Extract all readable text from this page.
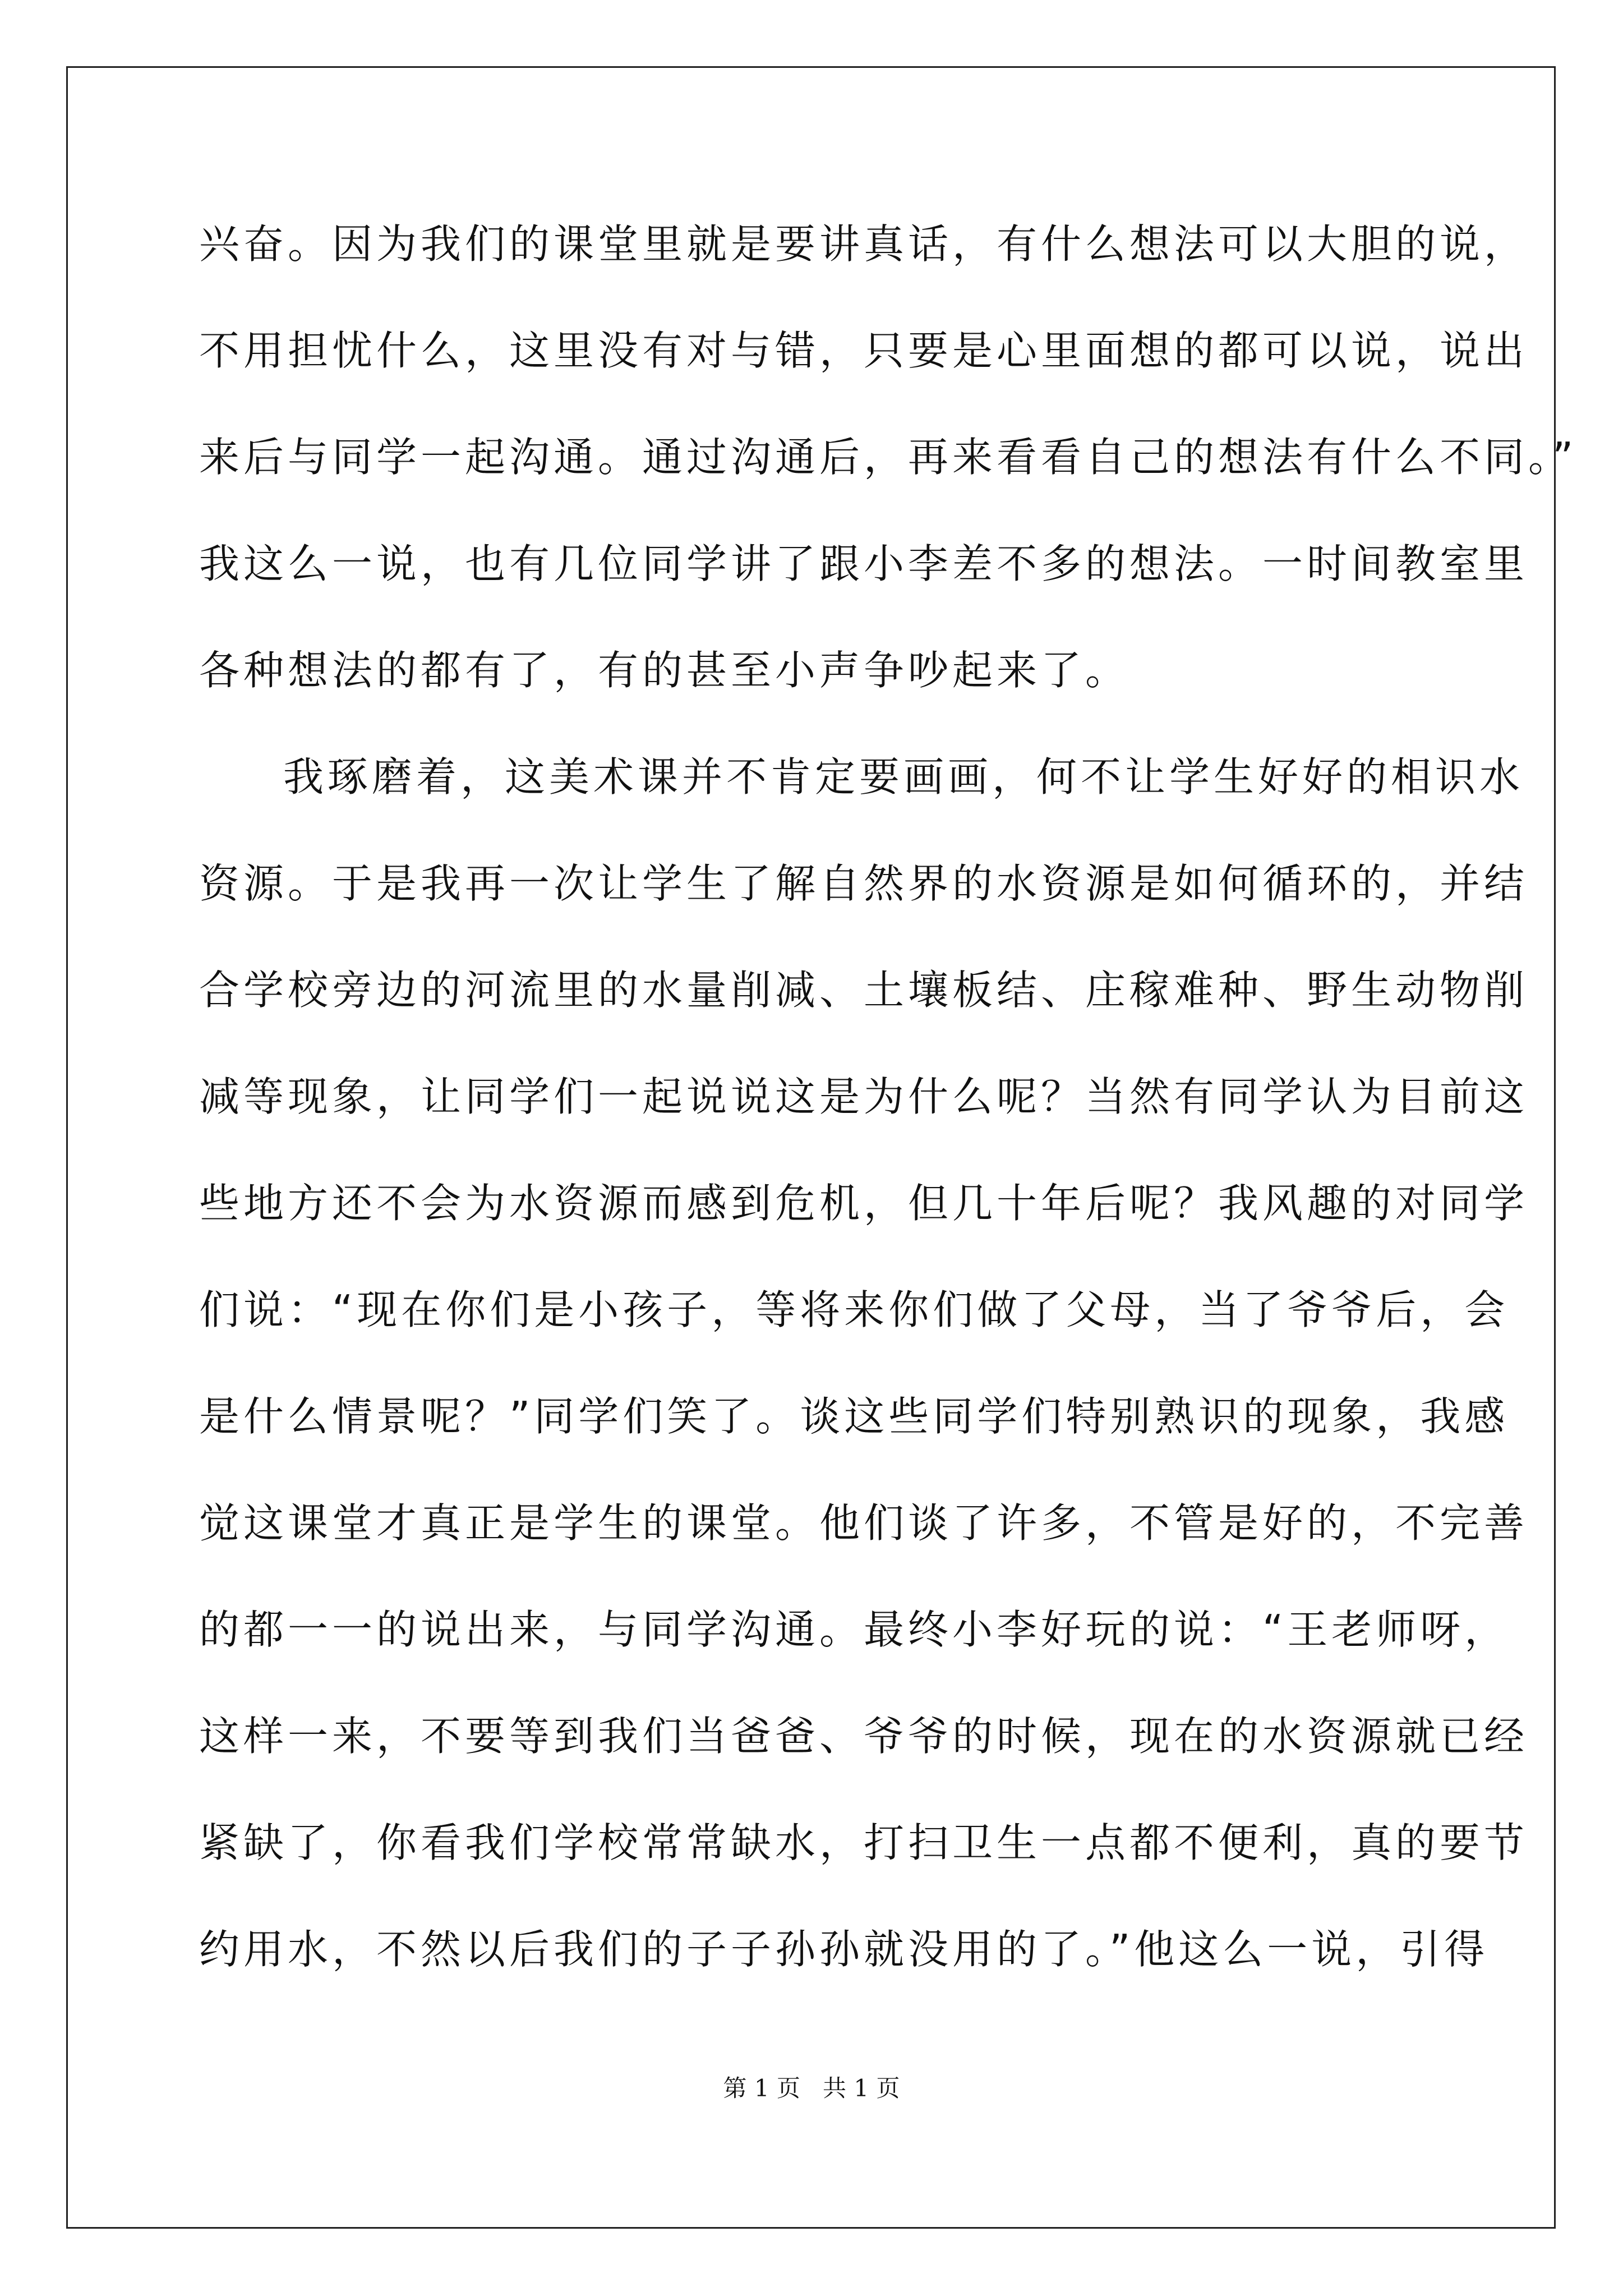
兴奋。因为我们的课堂里就是要讲真话，有什么想法可以大胆的说，
不用担忧什么，这里没有对与错，只要是心里面想的都可以说，说出
来后与同学一起沟通。通过沟通后，再来看看自己的想法有什么不同。”
我这么一说，也有几位同学讲了跟小李差不多的想法。一时间教室里
各种想法的都有了，有的甚至小声争吵起来了。
我琢磨着，这美术课并不肯定要画画，何不让学生好好的相识水
资源。于是我再一次让学生了解自然界的水资源是如何循环的，并结
合学校旁边的河流里的水量削减、土壤板结、庄稼难种、野生动物削
减等现象，让同学们一起说说这是为什么呢？当然有同学认为目前这
些地方还不会为水资源而感到危机，但几十年后呢？我风趣的对同学
们说：“现在你们是小孩子，等将来你们做了父母，当了爷爷后，会
是什么情景呢？”同学们笑了。谈这些同学们特别熟识的现象，我感
觉这课堂才真正是学生的课堂。他们谈了许多，不管是好的，不完善
的都一一的说出来，与同学沟通。最终小李好玩的说：“王老师呀，
这样一来，不要等到我们当爸爸、爷爷的时候，现在的水资源就已经
紧缺了，你看我们学校常常缺水，打扫卫生一点都不便利，真的要节
约用水，不然以后我们的子子孙孙就没用的了。”他这么一说，引得
第 1 页   共 1 页
